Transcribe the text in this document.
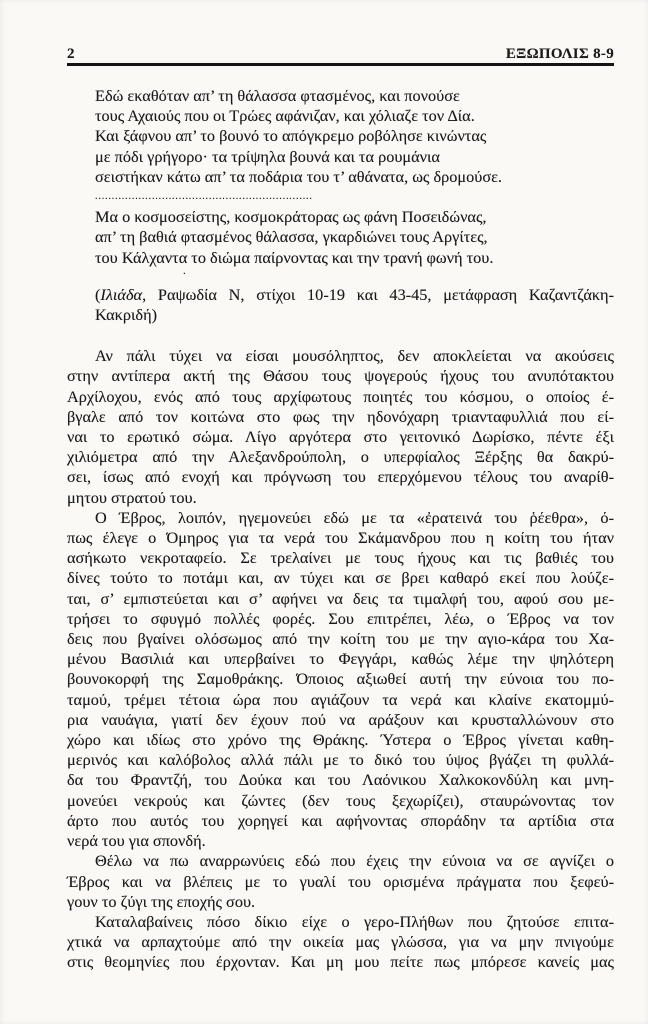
2	ΕΞΩΠΟΛΙΣ 8-9
Εδώ εκαθόταν απ’ τη θάλασσα φτασμένος, και πονούσε
τους Αχαιούς που οι Τρώες αφάνιζαν, και χόλιαζε τον Δία.
Και ξάφνου απ’ το βουνό το απόγκρεμο ροβόλησε κινώντας
με πόδι γρήγορο· τα τρίψηλα βουνά και τα ρουμάνια
σειστήκαν κάτω απ’ τα ποδάρια του τ’ αθάνατα, ως δρομούσε.
.................................................................
Μα ο κοσμοσείστης, κοσμοκράτορας ως φάνη Ποσειδώνας,
απ’ τη βαθιά φτασμένος θάλασσα, γκαρδιώνει τους Αργίτες,
του Κάλχαντα το διώμα παίρνοντας και την τρανή φωνή του.
(Ιλιάδα, Ραψωδία Ν, στίχοι 10-19 και 43-45, μετάφραση Καζαντζάκη-
Κακριδή)
Αν πάλι τύχει να είσαι μουσόληπτος, δεν αποκλείεται να ακούσεις
στην αντίπερα ακτή της Θάσου τους ψογερούς ήχους του ανυπότακτου
Αρχίλοχου, ενός από τους αρχίφωτους ποιητές του κόσμου, ο οποίος έ-
βγαλε από τον κοιτώνα στο φως την ηδονόχαρη τριανταφυλλιά που εί-
ναι το ερωτικό σώμα. Λίγο αργότερα στο γειτονικό Δωρίσκο, πέντε έξι
χιλιόμετρα από την Αλεξανδρούπολη, ο υπερφίαλος Ξέρξης θα δακρύ-
σει, ίσως από ενοχή και πρόγνωση του επερχόμενου τέλους του αναρίθ-
μητου στρατού του.
Ο Έβρος, λοιπόν, ηγεμονεύει εδώ με τα «ἐρατεινά του ῥέεθρα», ό-
πως έλεγε ο Όμηρος για τα νερά του Σκάμανδρου που η κοίτη του ήταν
ασήκωτο νεκροταφείο. Σε τρελαίνει με τους ήχους και τις βαθιές του
δίνες τούτο το ποτάμι και, αν τύχει και σε βρει καθαρό εκεί που λούζε-
ται, σ’ εμπιστεύεται και σ’ αφήνει να δεις τα τιμαλφή του, αφού σου με-
τρήσει το σφυγμό πολλές φορές. Σου επιτρέπει, λέω, ο Έβρος να τον
δεις που βγαίνει ολόσωμος από την κοίτη του με την αγιο-κάρα του Χα-
μένου Βασιλιά και υπερβαίνει το Φεγγάρι, καθώς λέμε την ψηλότερη
βουνοκορφή της Σαμοθράκης. Όποιος αξιωθεί αυτή την εύνοια του πο-
ταμού, τρέμει τέτοια ώρα που αγιάζουν τα νερά και κλαίνε εκατομμύ-
ρια ναυάγια, γιατί δεν έχουν πού να αράξουν και κρυσταλλώνουν στο
χώρο και ιδίως στο χρόνο της Θράκης. Ύστερα ο Έβρος γίνεται καθη-
μερινός και καλόβολος αλλά πάλι με το δικό του ύψος βγάζει τη φυλλά-
δα του Φραντζή, του Δούκα και του Λαόνικου Χαλκοκονδύλη και μνη-
μονεύει νεκρούς και ζώντες (δεν τους ξεχωρίζει), σταυρώνοντας τον
άρτο που αυτός του χορηγεί και αφήνοντας σποράδην τα αρτίδια στα
νερά του για σπονδή.
Θέλω να πω αναρρωνύεις εδώ που έχεις την εύνοια να σε αγνίζει ο
Έβρος και να βλέπεις με το γυαλί του ορισμένα πράγματα που ξεφεύ-
γουν το ζύγι της εποχής σου.
Καταλαβαίνεις πόσο δίκιο είχε ο γερο-Πλήθων που ζητούσε επιτα-
χτικά να αρπαχτούμε από την οικεία μας γλώσσα, για να μην πνιγούμε
στις θεομηνίες που έρχονταν. Και μη μου πείτε πως μπόρεσε κανείς μας
.
